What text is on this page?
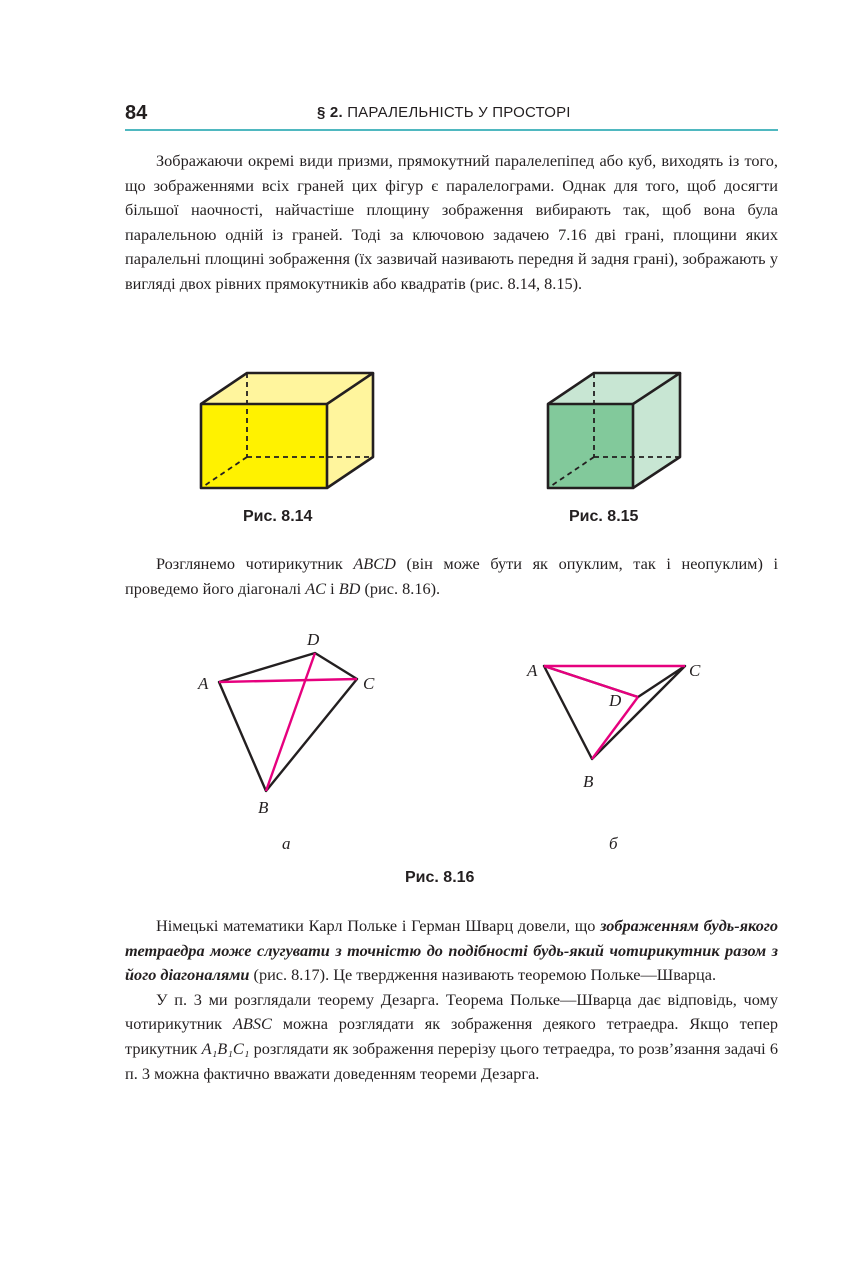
84	§ 2. ПАРАЛЕЛЬНІСТЬ У ПРОСТОРІ

Зображаючи окремі види призми, прямокутний паралелепіпед або куб, виходять із того, що зображеннями всіх граней цих фігур є паралелограми. Однак для того, щоб досягти більшої наочності, найчастіше площину зображення вибирають так, щоб вона була паралельною одній із граней. Тоді за ключовою задачею 7.16 дві грані, площини яких паралельні площині зображення (їх зазвичай називають передня й задня грані), зображають у вигляді двох рівних прямокутників або квадратів (рис. 8.14, 8.15).

Рис. 8.14	Рис. 8.15

Розглянемо чотирикутник ABCD (він може бути як опуклим, так і неопуклим) і проведемо його діагоналі AC і BD (рис. 8.16).

A
D
C
B
а
A	C
D
B
б
Рис. 8.16

Німецькі математики Карл Польке і Герман Шварц довели, що зображенням будь-якого тетраедра може слугувати з точністю до подібності будь-який чотирикутник разом з його діагоналями (рис. 8.17). Це твердження називають теоремою Польке—Шварца.

У п. 3 ми розглядали теорему Дезарга. Теорема Польке—Шварца дає відповідь, чому чотирикутник ABSC можна розглядати як зображення деякого тетраедра. Якщо тепер трикутник A₁B₁C₁ розглядати як зображення перерізу цього тетраедра, то розв’язання задачі 6 п. 3 можна фактично вважати доведенням теореми Дезарга.
